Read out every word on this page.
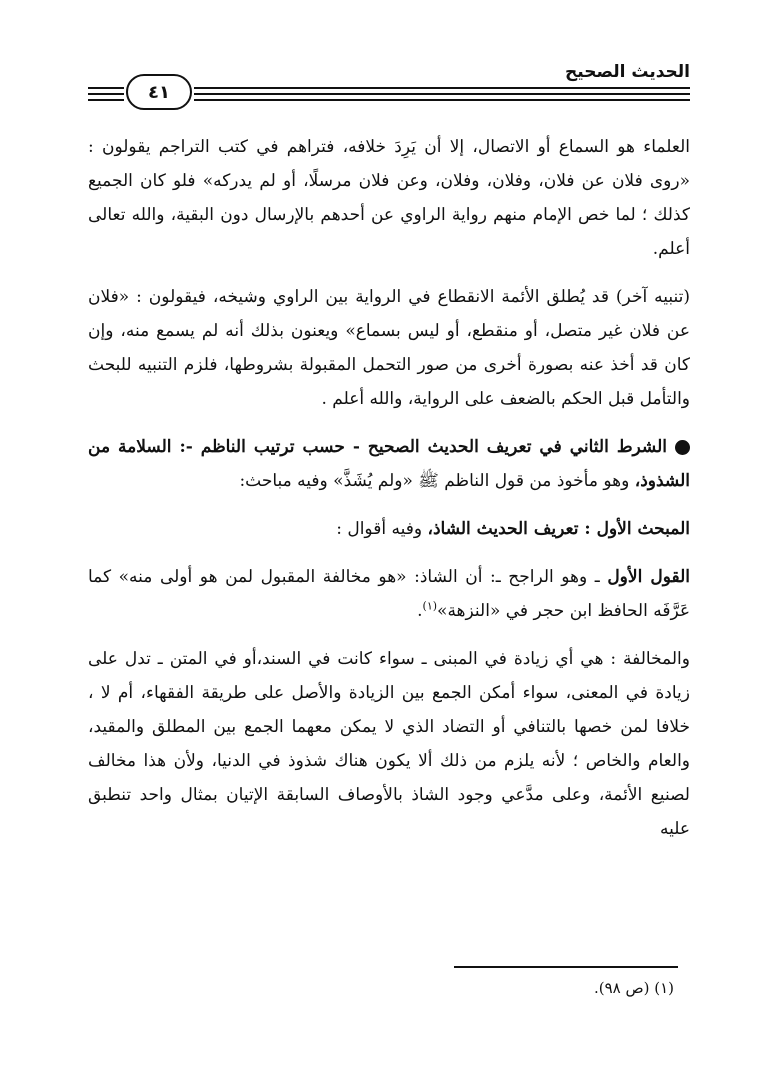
الحديث الصحيح
٤١

العلماء هو السماع أو الاتصال، إلا أن يَرِدَ خلافه، فتراهم في كتب التراجم يقولون : «روى فلان عن فلان، وفلان، وفلان، وعن فلان مرسلًا، أو لم يدركه» فلو كان الجميع كذلك ؛ لما خص الإمام منهم رواية الراوي عن أحدهم بالإرسال دون البقية، والله تعالى أعلم.

(تنبيه آخر) قد يُطلق الأئمة الانقطاع في الرواية بين الراوي وشيخه، فيقولون : «فلان عن فلان غير متصل، أو منقطع، أو ليس بسماع» ويعنون بذلك أنه لم يسمع منه، وإن كان قد أخذ عنه بصورة أخرى من صور التحمل المقبولة بشروطها، فلزم التنبيه للبحث والتأمل قبل الحكم بالضعف على الرواية، والله أعلم .

الشرط الثاني في تعريف الحديث الصحيح - حسب ترتيب الناظم -: السلامة من الشذوذ، وهو مأخوذ من قول الناظم ﷺ «ولم يُشَذَّ» وفيه مباحث:

المبحث الأول : تعريف الحديث الشاذ، وفيه أقوال :

القول الأول ـ وهو الراجح ـ: أن الشاذ: «هو مخالفة المقبول لمن هو أولى منه» كما عَرَّفَه الحافظ ابن حجر في «النزهة»$^{(١)}$.

والمخالفة : هي أي زيادة في المبنى ـ سواء كانت في السند،أو في المتن ـ تدل على زيادة في المعنى، سواء أمكن الجمع بين الزيادة والأصل على طريقة الفقهاء، أم لا ، خلافا لمن خصها بالتنافي أو التضاد الذي لا يمكن معهما الجمع بين المطلق والمقيد، والعام والخاص ؛ لأنه يلزم من ذلك ألا يكون هناك شذوذ في الدنيا، ولأن هذا مخالف لصنيع الأئمة، وعلى مدَّعي وجود الشاذ بالأوصاف السابقة الإتيان بمثال واحد تنطبق عليه

(١) (ص ٩٨).
